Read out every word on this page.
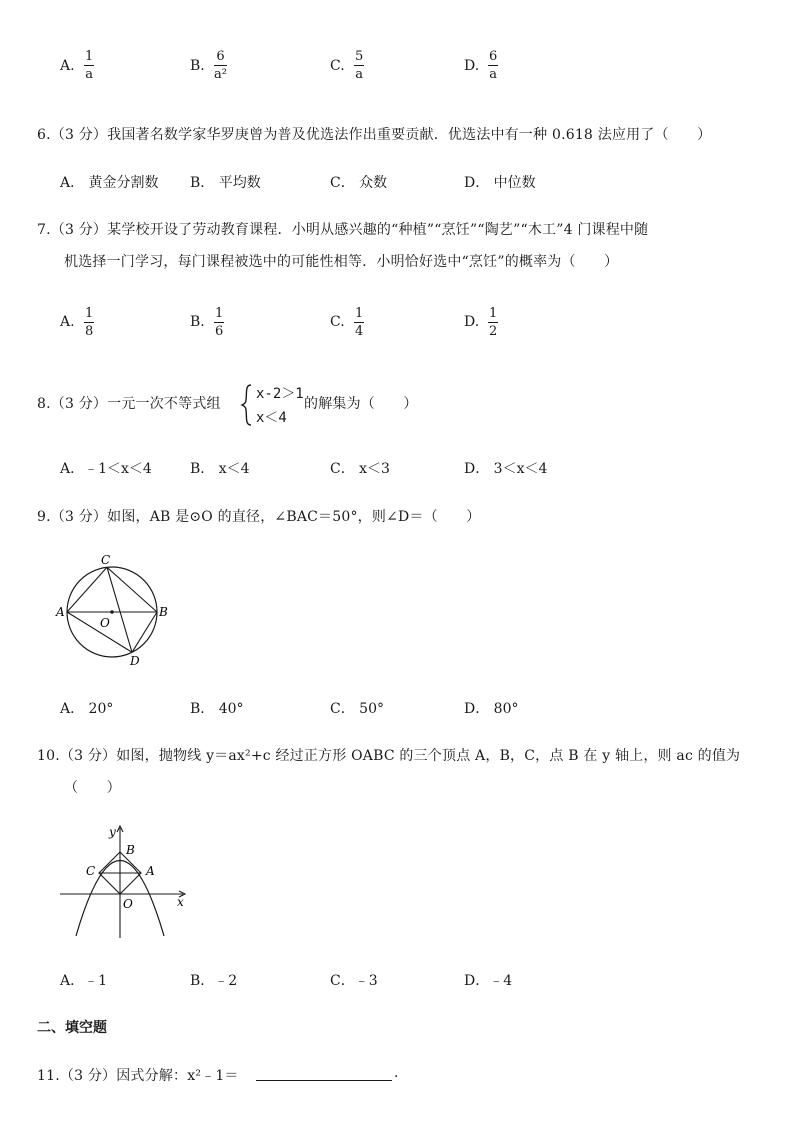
A.
1
a
B.
6
a²
C.
5
a
D.
6
a
6.（3 分）我国著名数学家华罗庚曾为普及优选法作出重要贡献．优选法中有一种 0.618 法应用了（　　）
A． 黄金分割数 B． 平均数	C． 众数	D． 中位数
7.（3 分）某学校开设了劳动教育课程．小明从感兴趣的“种植”“烹饪”“陶艺”“木工”4 门课程中随
机选择一门学习，每门课程被选中的可能性相等．小明恰好选中“烹饪”的概率为（　　）
A.
1
8
B.
1
6
C.
1
4
D.
1
2
8.（3 分）一元一次不等式组
x-2＞1
x＜4
的解集为（　　）
A．﹣1＜x＜4	B． x＜4	C． x＜3	D． 3＜x＜4
9.（3 分）如图，AB 是⊙O 的直径，∠BAC＝50°，则∠D＝（　　）
C
A	B
O
D
A． 20°	B． 40°	C． 50°	D． 80°
10.（3 分）如图，抛物线 y＝ax²+c 经过正方形 OABC 的三个顶点 A，B，C，点 B 在 y 轴上，则 ac 的值为
（　　）
y
x
B
C	A
O
A．﹣1	B．﹣2	C．﹣3	D．﹣4
二、填空题
11.（3 分）因式分解：x²﹣1＝	.
